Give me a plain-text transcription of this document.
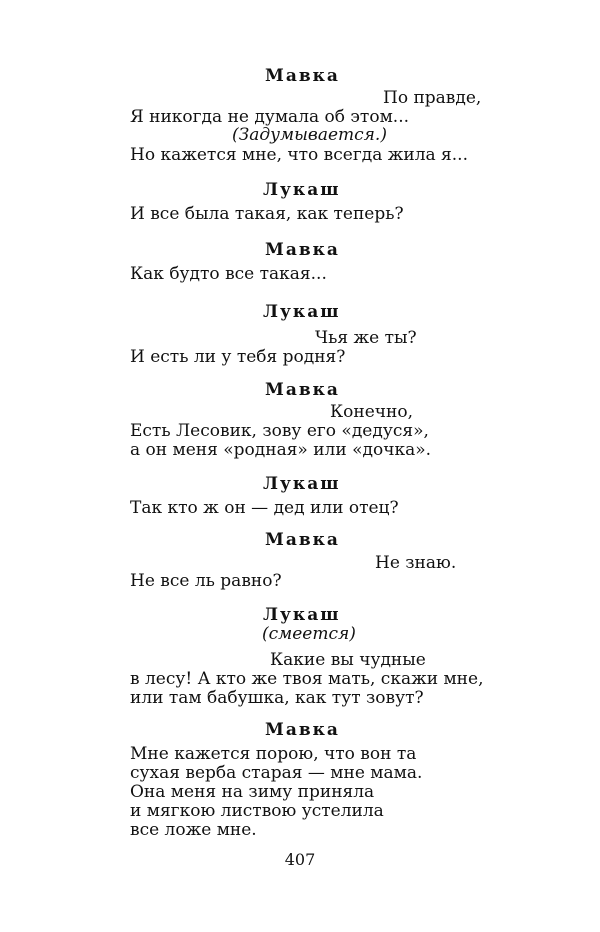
Мавка
По правде,
Я никогда не думала об этом...
(Задумывается.)
Но кажется мне, что всегда жила я...
Лукаш
И все была такая, как теперь?
Мавка
Как будто все такая...
Лукаш
Чья же ты?
И есть ли у тебя родня?
Мавка
Конечно,
Есть Лесовик, зову его «дедуся»,
а он меня «родная» или «дочка».
Лукаш
Так кто ж он — дед или отец?
Мавка
Не знаю.
Не все ль равно?
Лукаш
(смеется)
Какие вы чудные
в лесу! А кто же твоя мать, скажи мне,
или там бабушка, как тут зовут?
Мавка
Мне кажется порою, что вон та
сухая верба старая — мне мама.
Она меня на зиму приняла
и мягкою листвою устелила
все ложе мне.
407
